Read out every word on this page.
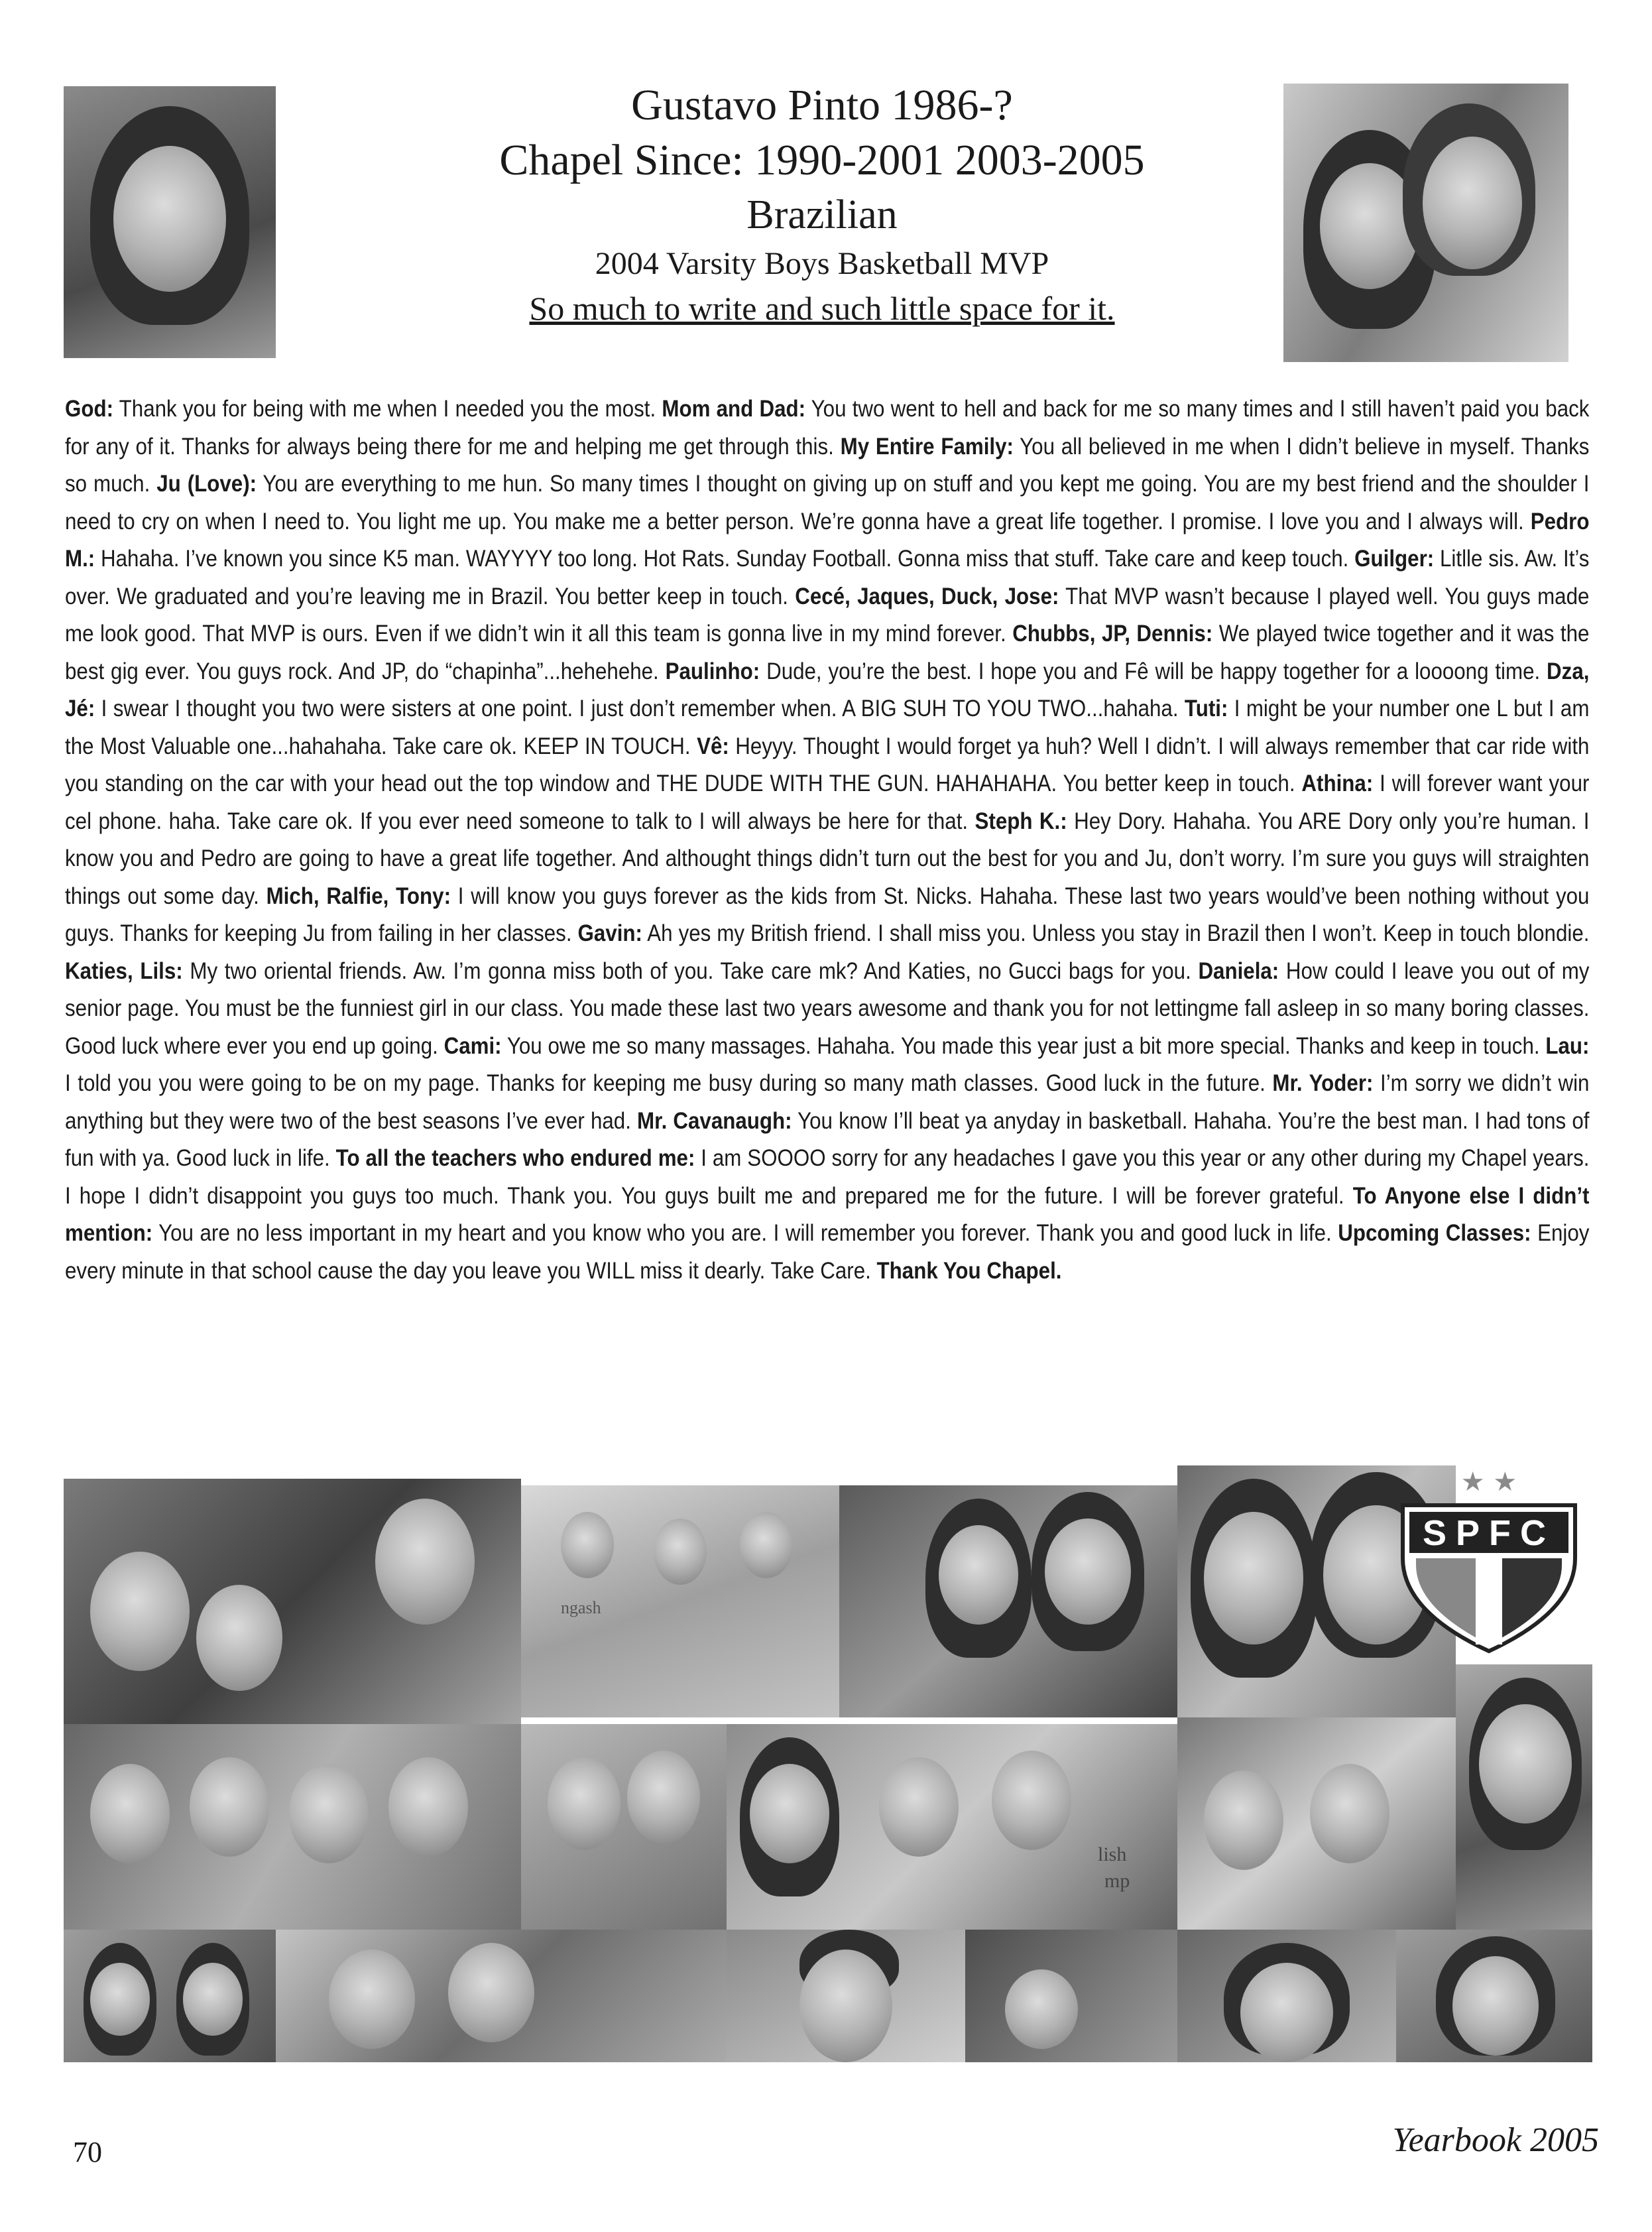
Gustavo Pinto 1986-?
Chapel Since: 1990-2001 2003-2005
Brazilian
2004 Varsity Boys Basketball MVP
So much to write and such little space for it.
God: Thank you for being with me when I needed you the most. Mom and Dad: You two went to hell and back for me so many times and I still haven’t paid you back for any of it. Thanks for always being there for me and helping me get through this. My Entire Family: You all believed in me when I didn’t believe in myself. Thanks so much. Ju (Love): You are everything to me hun. So many times I thought on giving up on stuff and you kept me going. You are my best friend and the shoulder I need to cry on when I need to. You light me up. You make me a better person. We’re gonna have a great life together. I promise. I love you and I always will. Pedro M.: Hahaha. I’ve known you since K5 man. WAYYYY too long. Hot Rats. Sunday Football. Gonna miss that stuff. Take care and keep touch. Guilger: Litlle sis. Aw. It’s over. We graduated and you’re leaving me in Brazil. You better keep in touch. Cecé, Jaques, Duck, Jose: That MVP wasn’t because I played well. You guys made me look good. That MVP is ours. Even if we didn’t win it all this team is gonna live in my mind forever. Chubbs, JP, Dennis: We played twice together and it was the best gig ever. You guys rock. And JP, do “chapinha”...hehehehe. Paulinho: Dude, you’re the best. I hope you and Fê will be happy together for a loooong time. Dza, Jé: I swear I thought you two were sisters at one point. I just don’t remember when. A BIG SUH TO YOU TWO...hahaha. Tuti: I might be your number one L but I am the Most Valuable one...hahahaha. Take care ok. KEEP IN TOUCH. Vê: Heyyy. Thought I would forget ya huh? Well I didn’t. I will always remember that car ride with you standing on the car with your head out the top window and THE DUDE WITH THE GUN. HAHAHAHA. You better keep in touch. Athina: I will forever want your cel phone. haha. Take care ok. If you ever need someone to talk to I will always be here for that. Steph K.: Hey Dory. Hahaha. You ARE Dory only you’re human. I know you and Pedro are going to have a great life together. And althought things didn’t turn out the best for you and Ju, don’t worry. I’m sure you guys will straighten things out some day. Mich, Ralfie, Tony: I will know you guys forever as the kids from St. Nicks. Hahaha. These last two years would’ve been nothing without you guys. Thanks for keeping Ju from failing in her classes. Gavin: Ah yes my British friend. I shall miss you. Unless you stay in Brazil then I won’t. Keep in touch blondie. Katies, Lils: My two oriental friends. Aw. I’m gonna miss both of you. Take care mk? And Katies, no Gucci bags for you. Daniela: How could I leave you out of my senior page. You must be the funniest girl in our class. You made these last two years awesome and thank you for not lettingme fall asleep in so many boring classes. Good luck where ever you end up going. Cami: You owe me so many massages. Hahaha. You made this year just a bit more special. Thanks and keep in touch. Lau: I told you you were going to be on my page. Thanks for keeping me busy during so many math classes. Good luck in the future. Mr. Yoder: I’m sorry we didn’t win anything but they were two of the best seasons I’ve ever had. Mr. Cavanaugh: You know I’ll beat ya anyday in basketball. Hahaha. You’re the best man. I had tons of fun with ya. Good luck in life. To all the teachers who endured me: I am SOOOO sorry for any headaches I gave you this year or any other during my Chapel years. I hope I didn’t disappoint you guys too much. Thank you. You guys built me and prepared me for the future. I will be forever grateful. To Anyone else I didn’t mention: You are no less important in my heart and you know who you are. I will remember you forever. Thank you and good luck in life. Upcoming Classes: Enjoy every minute in that school cause the day you leave you WILL miss it dearly. Take Care. Thank You Chapel.
ngash
lish
mp
★ ★
SPFC
70	Yearbook 2005
